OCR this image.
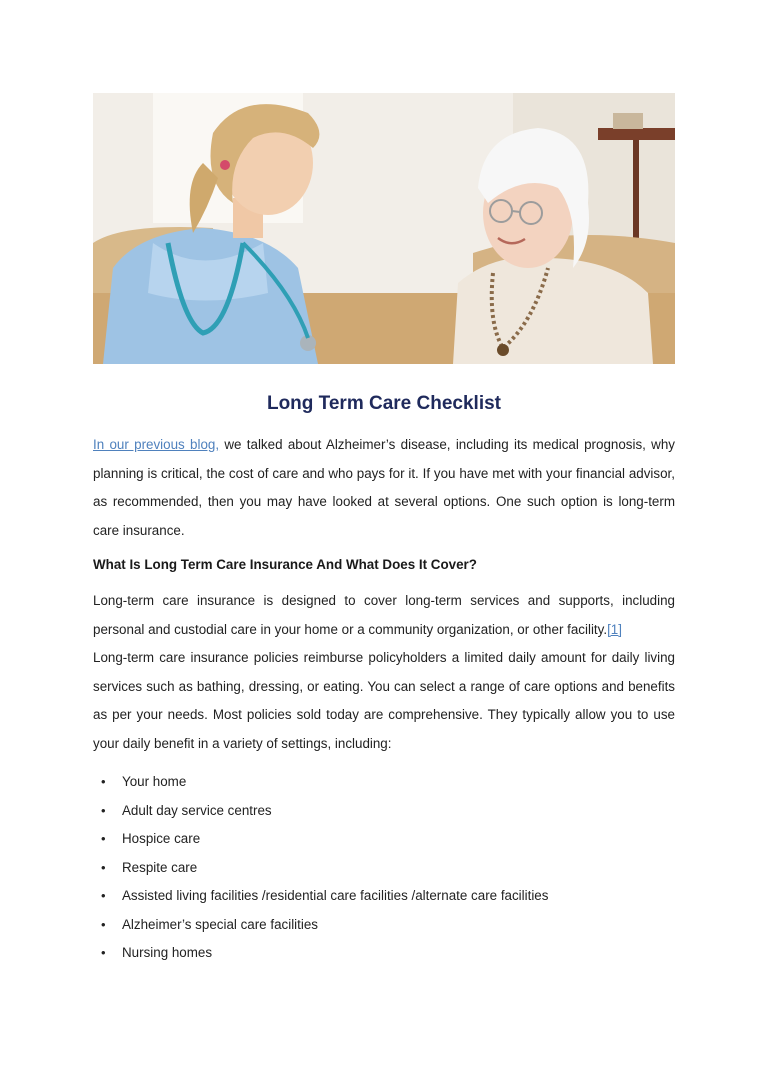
Long Term Care Checklist

In our previous blog, we talked about Alzheimer’s disease, including its medical prognosis, why planning is critical, the cost of care and who pays for it. If you have met with your financial advisor, as recommended, then you may have looked at several options. One such option is long-term care insurance.

What Is Long Term Care Insurance And What Does It Cover?

Long-term care insurance is designed to cover long-term services and supports, including personal and custodial care in your home or a community organization, or other facility.[1]
Long-term care insurance policies reimburse policyholders a limited daily amount for daily living services such as bathing, dressing, or eating. You can select a range of care options and benefits as per your needs. Most policies sold today are comprehensive. They typically allow you to use your daily benefit in a variety of settings, including:

• Your home
• Adult day service centres
• Hospice care
• Respite care
• Assisted living facilities /residential care facilities /alternate care facilities
• Alzheimer’s special care facilities
• Nursing homes
